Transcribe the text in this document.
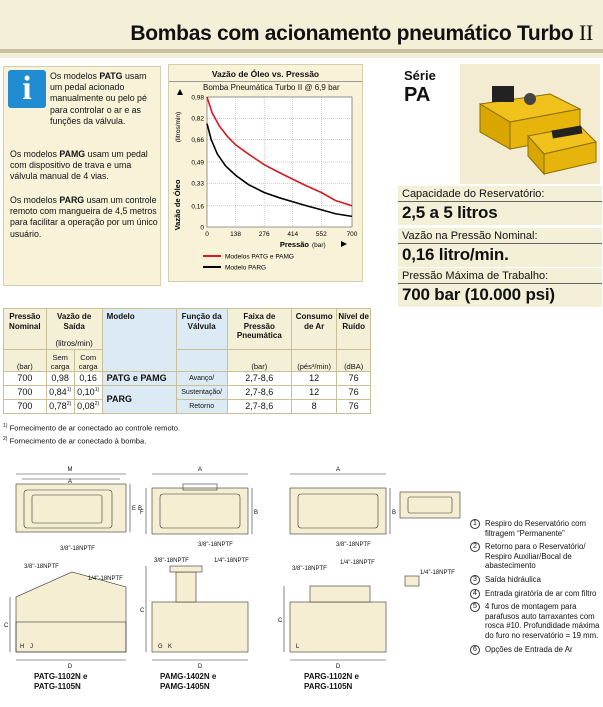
Bombas com acionamento pneumático Turbo II
i	Os modelos PATG usam um pedal acionado manualmente ou pelo pé para controlar o ar e as funções da válvula.
Os modelos PAMG usam um pedal com dispositivo de trava e uma válvula manual de 4 vias.
Os modelos PARG usam um controle remoto com mangueira de 4,5 metros para facilitar a operação por um único usuário.
Vazão de Óleo vs. Pressão
Bomba Pneumática Turbo II @ 6,9 bar
0
0,16
0,33
0,49
0,66
0,82
0,98
0	138	276	414	552	700
Vazão de Óleo
(litros/min)
Pressão (bar)
Modelos PATG e PAMG
Modelo PARG
Série
PA
Capacidade do Reservatório:
2,5 a 5 litros
Vazão na Pressão Nominal:
0,16 litro/min.
Pressão Máxima de Trabalho:
700 bar (10.000 psi)
Pressão Nominal	Vazão de Saída
(litros/min)		Modelo	Função da Válvula	Faixa de Pressão Pneumática	Consumo de Ar	Nível de Ruído
(bar)	Sem carga	Com carga			(bar)	(pés³/min)	(dBA)
700	0,98	0,16	PATG e PAMG	Avanço/	2,7-8,6	12	76
700	0,84$^{1)}$	0,10$^{1)}$	PARG	Sustentação/	2,7-8,6	12	76
700	0,78$^{2)}$	0,08$^{2)}$		Retorno	2,7-8,6	8	76
$^{1)}$ Fornecimento de ar conectado ao controle remoto.
$^{2)}$ Fornecimento de ar conectado à bomba.
M
A
E B
A
F	B
A
B
C
D
C
D
C
D
H J	G K	L
3/8"-18NPTF
3/8"-18NPTF	3/8"-18NPTF
3/8"-18NPTF
1/4"-18NPTF
3/8"-18NPTF	1/4"-18NPTF
3/8"-18NPTF
1/4"-18NPTF
1/4"-18NPTF
PATG-1102N e
PATG-1105N
PAMG-1402N e
PAMG-1405N
PARG-1102N e
PARG-1105N
1	Respiro do Reservatório com filtragem “Permanente”
2	Retorno para o Reservatório/ Respiro Auxiliar/Bocal de abastecimento
3	Saída hidráulica
4	Entrada giratória de ar com filtro
5	4 furos de montagem para parafusos auto tarraxantes com rosca #10. Profundidade máxima do furo no reservatório = 19 mm.
6	Opções de Entrada de Ar
